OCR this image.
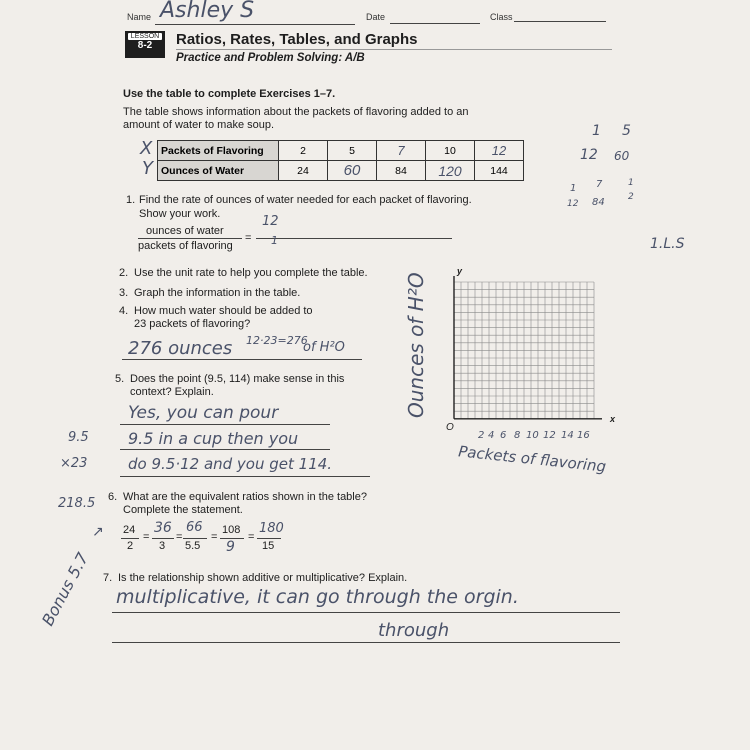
Name Ashley S	Date	Class
LESSON
8-2	Ratios, Rates, Tables, and Graphs
Practice and Problem Solving: A/B
Use the table to complete Exercises 1–7.
The table shows information about the packets of flavoring added to an
amount of water to make soup.
X
Y
Packets of Flavoring	2	5	7	10	12
Ounces of Water	24	60	84	120	144
1
12
5
60
1
12
7
84
1
2
1.L.S
9.5
×23
218.5
Bonus 5.7
1. Find the rate of ounces of water needed for each packet of flavoring.
Show your work.
ounces of water
packets of flavoring
=
12
1
2. Use the unit rate to help you complete the table.
3. Graph the information in the table.
4. How much water should be added to
23 packets of flavoring?
276 ounces 12·23=276
of H²O
5. Does the point (9.5, 114) make sense in this
context? Explain.
Yes, you can pour
9.5 in a cup then you
do 9.5·12 and you get 114.
Ounces of H²O
y
x
O
2 4 6 8 10 12 14 16
Packets of flavoring
6. What are the equivalent ratios shown in the table?
Complete the statement.
↗ 24
2
=
36
3
=
66
5.5
=
108
9
=
180
15
7. Is the relationship shown additive or multiplicative? Explain.
multiplicative, it can go through the orgin.
through
